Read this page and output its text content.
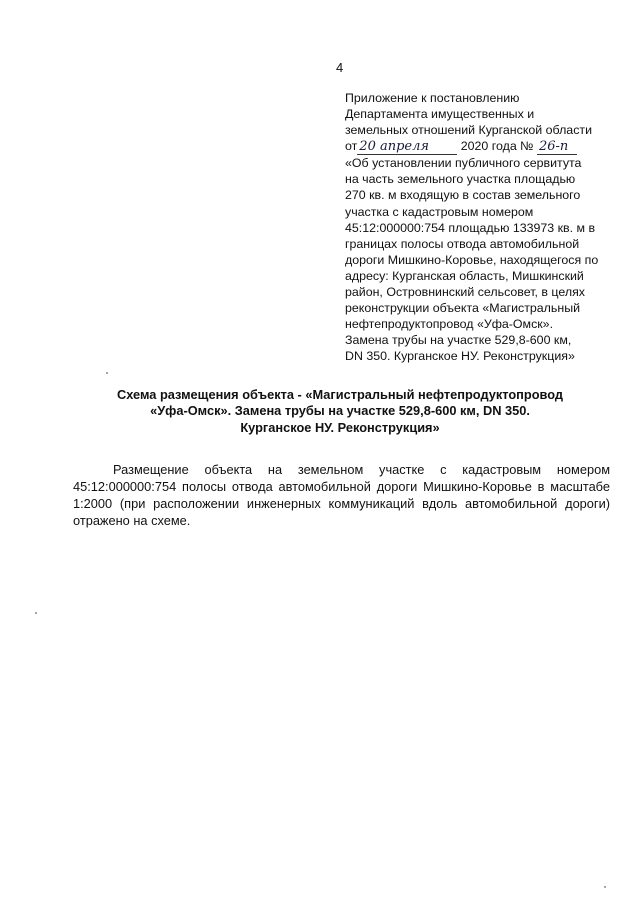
4
Приложение к постановлению
Департамента имущественных и
земельных отношений Курганской области
от 20 апреля	2020 года № 26-п
«Об установлении публичного сервитута
на часть земельного участка площадью
270 кв. м входящую в состав земельного
участка с кадастровым номером
45:12:000000:754 площадью 133973 кв. м в
границах полосы отвода автомобильной
дороги Мишкино-Коровье, находящегося по
адресу: Курганская область, Мишкинский
район, Островнинский сельсовет, в целях
реконструкции объекта «Магистральный
нефтепродуктопровод «Уфа-Омск».
Замена трубы на участке 529,8-600 км,
DN 350. Курганское НУ. Реконструкция»
Схема размещения объекта - «Магистральный нефтепродуктопровод
«Уфа-Омск». Замена трубы на участке 529,8-600 км, DN 350.
Курганское НУ. Реконструкция»
Размещение объекта на земельном участке с кадастровым номером
45:12:000000:754 полосы отвода автомобильной дороги Мишкино-Коровье в масштабе
1:2000 (при расположении инженерных коммуникаций вдоль автомобильной дороги)
отражено на схеме.
